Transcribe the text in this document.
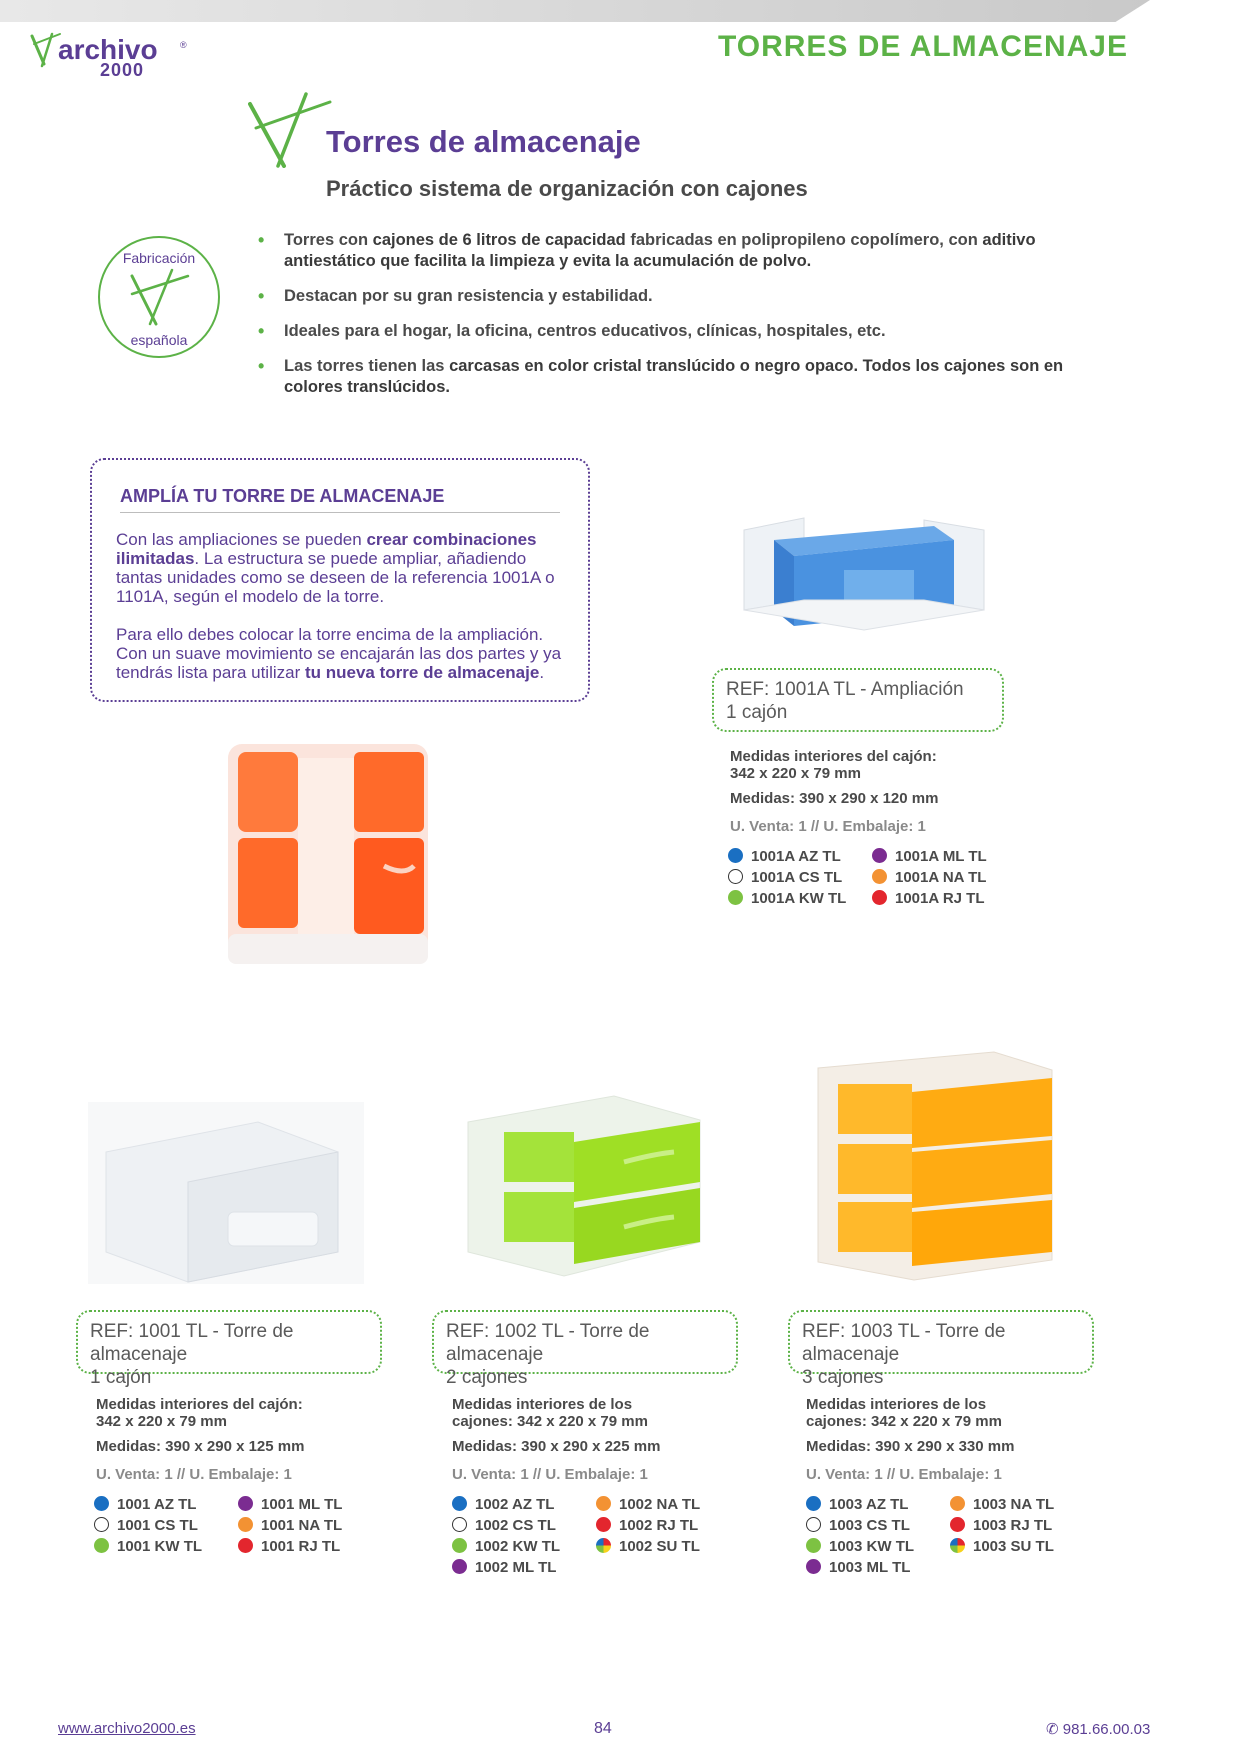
archivo ®
2000
TORRES DE ALMACENAJE
Torres de almacenaje
Práctico sistema de organización con cajones
Fabricación
española
• Torres con cajones de 6 litros de capacidad fabricadas en polipropileno copolímero, con aditivo antiestático que facilita la limpieza y evita la acumulación de polvo.
• Destacan por su gran resistencia y estabilidad.
• Ideales para el hogar, la oficina, centros educativos, clínicas, hospitales, etc.
• Las torres tienen las carcasas en color cristal translúcido o negro opaco. Todos los cajones son en colores translúcidos.
AMPLÍA TU TORRE DE ALMACENAJE

Con las ampliaciones se pueden crear combinaciones ilimitadas. La estructura se puede ampliar, añadiendo tantas unidades como se deseen de la referencia 1001A o 1101A, según el modelo de la torre.

Para ello debes colocar la torre encima de la ampliación. Con un suave movimiento se encajarán las dos partes y ya tendrás lista para utilizar tu nueva torre de almacenaje.

REF: 1001A TL - Ampliación
1 cajón
Medidas interiores del cajón:
342 x 220 x 79 mm
Medidas: 390 x 290 x 120 mm
U. Venta: 1 // U. Embalaje: 1
1001A AZ TL
1001A CS TL
1001A KW TL
1001A ML TL
1001A NA TL
1001A RJ TL
REF: 1001 TL - Torre de almacenaje
1 cajón
Medidas interiores del cajón:
342 x 220 x 79 mm
Medidas: 390 x 290 x 125 mm
U. Venta: 1 // U. Embalaje: 1
1001 AZ TL
1001 CS TL
1001 KW TL
1001 ML TL
1001 NA TL
1001 RJ TL
REF: 1002 TL - Torre de almacenaje
2 cajones
Medidas interiores de los
cajones: 342 x 220 x 79 mm
Medidas: 390 x 290 x 225 mm
U. Venta: 1 // U. Embalaje: 1
1002 AZ TL
1002 CS TL
1002 KW TL
1002 ML TL
1002 NA TL
1002 RJ TL
1002 SU TL
REF: 1003 TL - Torre de almacenaje
3 cajones
Medidas interiores de los
cajones: 342 x 220 x 79 mm
Medidas: 390 x 290 x 330 mm
U. Venta: 1 // U. Embalaje: 1
1003 AZ TL
1003 CS TL
1003 KW TL
1003 ML TL
1003 NA TL
1003 RJ TL
1003 SU TL
www.archivo2000.es	84	✆ 981.66.00.03
